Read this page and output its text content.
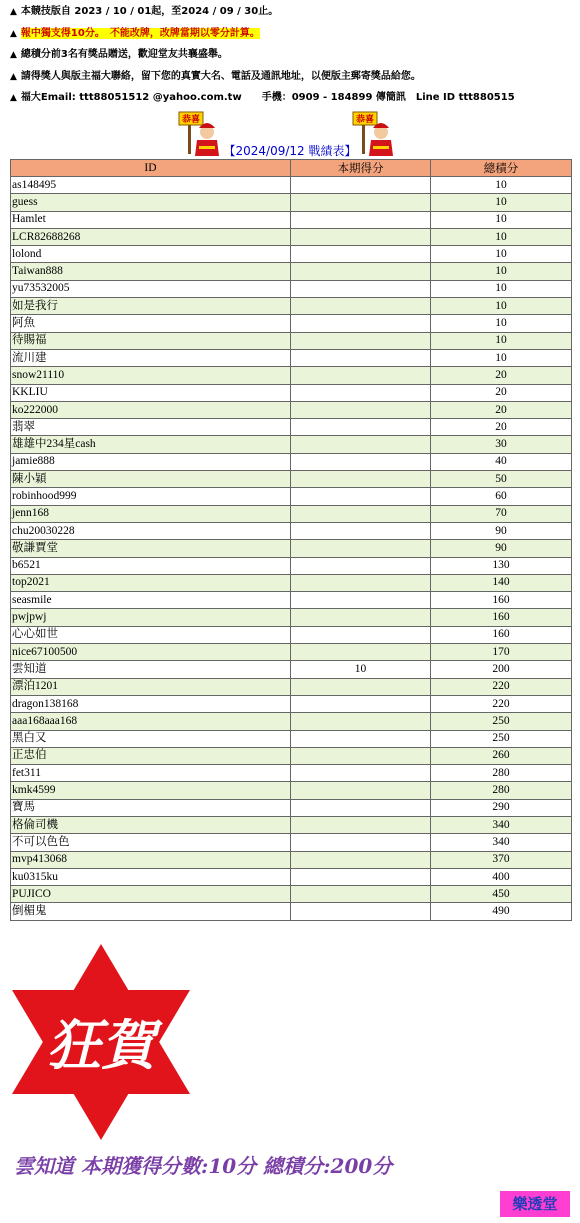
▲ 本競技版自 2023 / 10 / 01起，至2024 / 09 / 30止。
▲ 報中獨支得10分。　不能改牌，改牌當期以零分計算。
▲ 總積分前3名有獎品贈送，歡迎堂友共襄盛舉。
▲ 請得獎人與版主福大聯絡，留下您的真實大名、電話及通訊地址，以便版主郵寄獎品給您。
▲ 福大Email: ttt88051512 @yahoo.com.tw　　手機：0909 - 184899 傳簡訊　Line ID ttt880515
恭喜	恭喜
【2024/09/12 戰績表】
ID	本期得分	總積分
as148495		10
guess		10
Hamlet		10
LCR82688268		10
lolond		10
Taiwan888		10
yu73532005		10
如是我行		10
阿魚		10
待賜福		10
流川建		10
snow21110		20
KKLIU		20
ko222000		20
翡翠		20
雄雄中234星cash		30
jamie888		40
陳小穎		50
robinhood999		60
jenn168		70
chu20030228		90
敬謙賈堂		90
b6521		130
top2021		140
seasmile		160
pwjpwj		160
心心如世		160
nice67100500		170
雲知道	10	200
漂泊1201		220
dragon138168		220
aaa168aaa168		250
黑白又		250
正忠伯		260
fet311		280
kmk4599		280
寶馬		290
格倫司機		340
不可以色色		340
mvp413068		370
ku0315ku		400
PUJICO		450
倒楣鬼		490
狂賀
雲知道 本期獲得分數:10分 總積分:200分
樂透堂
